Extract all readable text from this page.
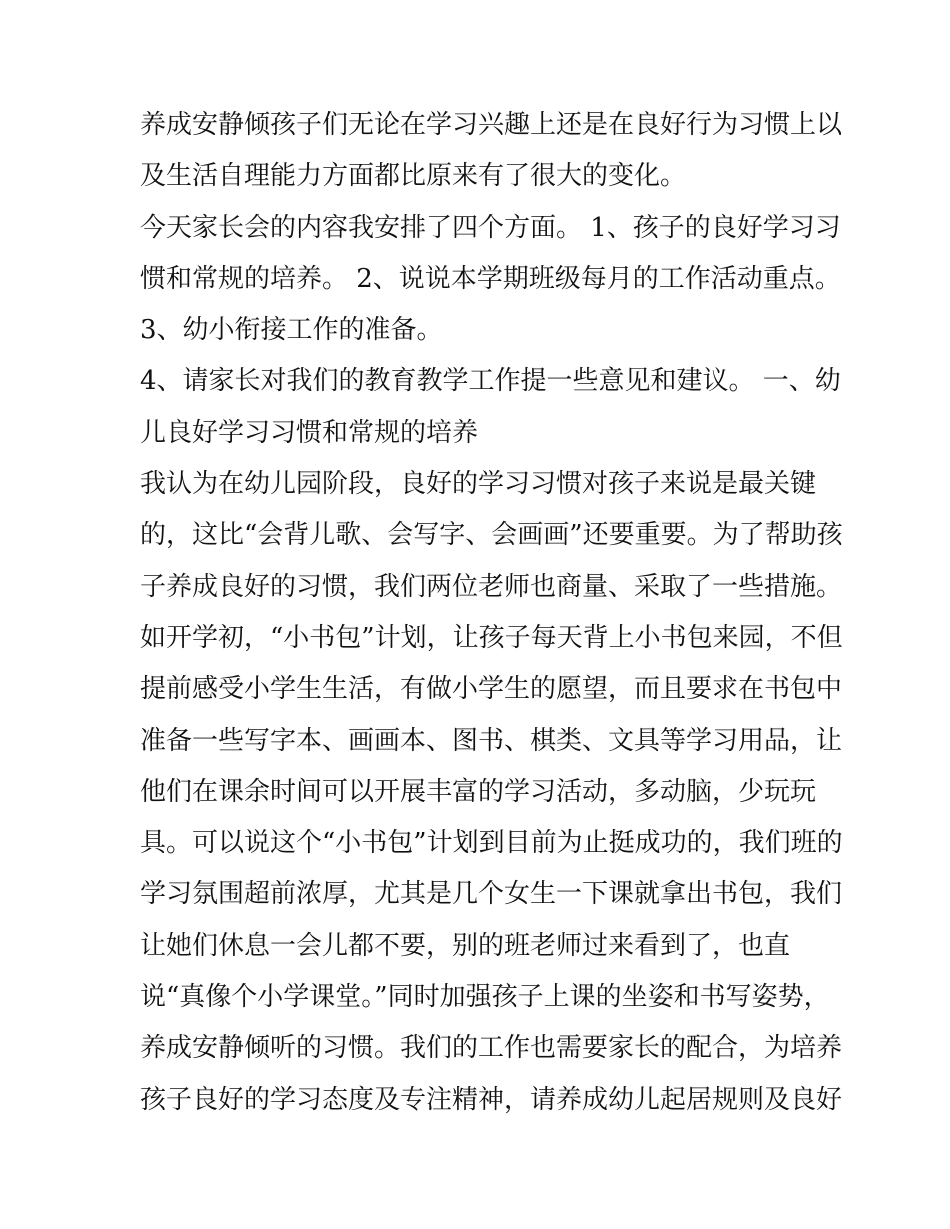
养成安静倾孩子们无论在学习兴趣上还是在良好行为习惯上以
及生活自理能力方面都比原来有了很大的变化。
今天家长会的内容我安排了四个方面。 1、孩子的良好学习习
惯和常规的培养。 2、说说本学期班级每月的工作活动重点。
3、幼小衔接工作的准备。
4、请家长对我们的教育教学工作提一些意见和建议。 一、幼
儿良好学习习惯和常规的培养
我认为在幼儿园阶段，良好的学习习惯对孩子来说是最关键
的，这比“会背儿歌、会写字、会画画”还要重要。为了帮助孩
子养成良好的习惯，我们两位老师也商量、采取了一些措施。
如开学初，“小书包”计划，让孩子每天背上小书包来园，不但
提前感受小学生生活，有做小学生的愿望，而且要求在书包中
准备一些写字本、画画本、图书、棋类、文具等学习用品，让
他们在课余时间可以开展丰富的学习活动，多动脑，少玩玩
具。可以说这个“小书包”计划到目前为止挺成功的，我们班的
学习氛围超前浓厚，尤其是几个女生一下课就拿出书包，我们
让她们休息一会儿都不要，别的班老师过来看到了，也直
说“真像个小学课堂。”同时加强孩子上课的坐姿和书写姿势，
养成安静倾听的习惯。我们的工作也需要家长的配合，为培养
孩子良好的学习态度及专注精神，请养成幼儿起居规则及良好
